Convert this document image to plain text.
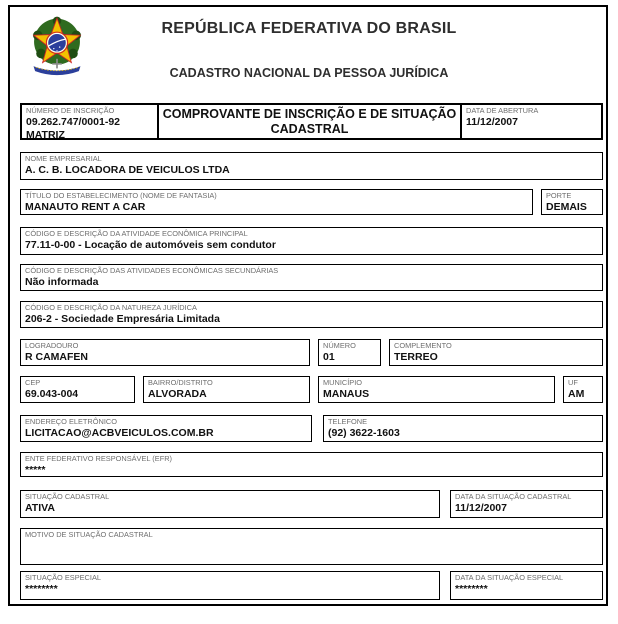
REPÚBLICA FEDERATIVA DO BRASIL
CADASTRO NACIONAL DA PESSOA JURÍDICA
NÚMERO DE INSCRIÇÃO
09.262.747/0001-92
MATRIZ
COMPROVANTE DE INSCRIÇÃO E DE SITUAÇÃO
CADASTRAL
DATA DE ABERTURA
11/12/2007
NOME EMPRESARIAL
A. C. B. LOCADORA DE VEICULOS LTDA
TÍTULO DO ESTABELECIMENTO (NOME DE FANTASIA)
MANAUTO RENT A CAR
PORTE
DEMAIS
CÓDIGO E DESCRIÇÃO DA ATIVIDADE ECONÔMICA PRINCIPAL
77.11-0-00 - Locação de automóveis sem condutor
CÓDIGO E DESCRIÇÃO DAS ATIVIDADES ECONÔMICAS SECUNDÁRIAS
Não informada
CÓDIGO E DESCRIÇÃO DA NATUREZA JURÍDICA
206-2 - Sociedade Empresária Limitada
LOGRADOURO
R CAMAFEN
NÚMERO
01
COMPLEMENTO
TERREO
CEP
69.043-004
BAIRRO/DISTRITO
ALVORADA
MUNICÍPIO
MANAUS
UF
AM
ENDEREÇO ELETRÔNICO
LICITACAO@ACBVEICULOS.COM.BR
TELEFONE
(92) 3622-1603
ENTE FEDERATIVO RESPONSÁVEL (EFR)
*****
SITUAÇÃO CADASTRAL
ATIVA
DATA DA SITUAÇÃO CADASTRAL
11/12/2007
MOTIVO DE SITUAÇÃO CADASTRAL
SITUAÇÃO ESPECIAL
********
DATA DA SITUAÇÃO ESPECIAL
********
